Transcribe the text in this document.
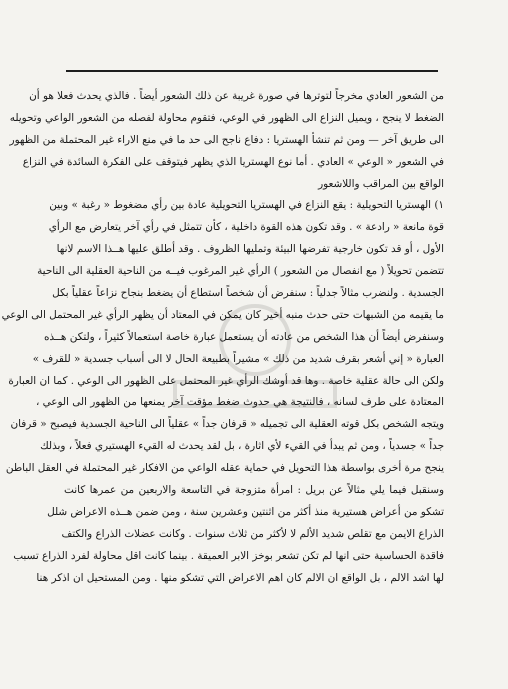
من الشعور العادي مخرجاً لتوترها في صورة غريبة عن ذلك الشعور أيضاً . فالذي يحدث فعلا هو أن
الضغط لا ينجح ، ويميل النزاع الى الظهور في الوعي، فتقوم محاولة لفصله من الشعور الواعي وتحويله
الى طريق آخر — ومن ثم تنشأ الهستريا : دفاع ناجح الى حد ما في منع الاراء غير المحتملة من الظهور
في الشعور « الوعي » العادي . أما نوع الهستريا الذي يظهر فيتوقف على الفكرة السائدة في النزاع
الواقع بين المراقب واللاشعور
١) الهستريا التحويلية : يقع النزاع في الهستريا التحويلية عادة بين رأي مضغوط « رغبة » وبين
قوة مانعة « رادعة » . وقد تكون هذه القوة داخلية ، كأن تتمثل في رأي آخر يتعارض مع الرأي
الأول ، أو قد تكون خارجية تفرضها البيئة وتمليها الظروف . وقد أطلق عليها هــذا الاسم لانها
تتضمن تحويلاً ( مع انفصال من الشعور ) الرأي غير المرغوب فيــه من الناحية العقلية الى الناحية
الجسدية . ولنضرب مثالاً جدلياً : سنفرض أن شخصاً استطاع أن يضغط بنجاح نزاعاً عقلياً بكل
ما يقيمه من الشبهات حتى حدث منبه أخير كان يمكن في المعتاد أن يظهر الرأي غير المحتمل الى الوعي
وسنفرض أيضاً أن هذا الشخص من عادته أن يستعمل عبارة خاصة استعمالاً كثيراً ، ولتكن هــذه
العبارة « إني أشعر بقرف شديد من ذلك » مشيراً بطبيعة الحال لا الى أسباب جسدية « للقرف »
ولكن الى حالة عقلية خاصة . وها قد أوشك الرأي غير المحتمل على الظهور الى الوعي . كما ان العبارة
المعتادة على طرف لسانه ، فالنتيجة هي حدوث ضغط مؤقت آخر يمنعها من الظهور الى الوعي ،
ويتجه الشخص بكل قوته العقلية الى تجميله « قرفان جداً » عقلياً الى الناحية الجسدية فيصبح « قرفان
جداً » جسدياً ، ومن ثم يبدأ في القيء لأي اثارة ، بل لقد يحدث له القيء الهستيري فعلاً ، وبذلك
ينجح مرة أخرى بواسطة هذا التحويل في حماية عقله الواعي من الافكار غير المحتملة في العقل الباطن
وسنقبل فيما يلي مثالاً عن بريل : امرأة متزوجة في التاسعة والاربعين من عمرها كانت
تشكو من أعراض هستيرية منذ أكثر من اثنتين وعشرين سنة ، ومن ضمن هــذه الاعراض شلل
الذراع الايمن مع تقلص شديد الألم لا لأكثر من ثلاث سنوات . وكانت عضلات الذراع والكتف
فاقدة الحساسية حتى انها لم تكن تشعر بوخز الابر العميقة . بينما كانت اقل محاولة لفرد الذراع تسبب
لها اشد الالم ، بل الواقع ان الالم كان اهم الاعراض التي تشكو منها . ومن المستحيل ان اذكر هنا
